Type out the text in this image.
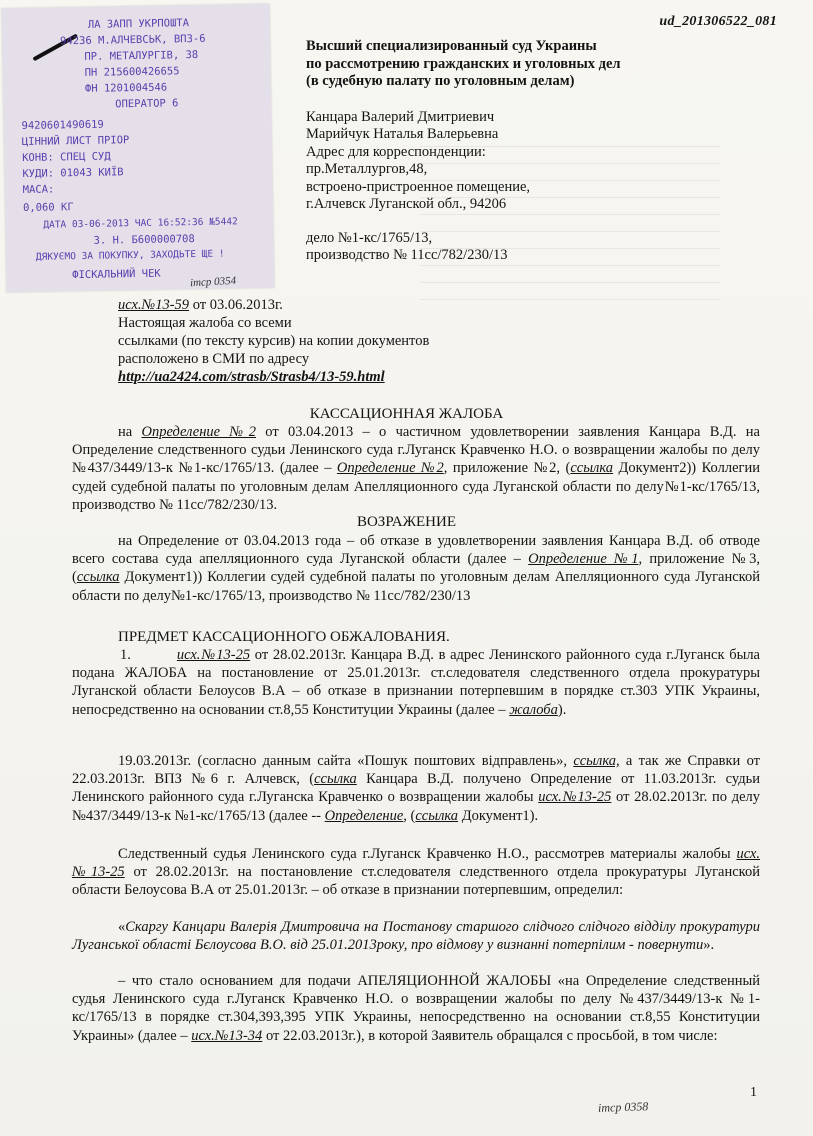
ud_201306522_081
ЛА ЗАПП УКРПОШТА
94236 М.АЛЧЕВСЬК, ВПЗ-6
ПР. МЕТАЛУРГІВ, 38
ПН 215600426655
ФН 1201004546
ОПЕРАТОР 6
9420601490619
ЦІННИЙ ЛИСТ ПРІОР
КОНВ: СПЕЦ СУД
КУДИ: 01043 КИЇВ
МАСА:
0,060 КГ
ДАТА 03-06-2013 ЧАС 16:52:36 №5442
З. Н. Б600000708
ДЯКУЄМО ЗА ПОКУПКУ, ЗАХОДЬТЕ ЩЕ !
ФІСКАЛЬНИЙ ЧЕК
imcp 0354
Высший специализированный суд Украины
по рассмотрению гражданских и уголовных дел
(в судебную палату по уголовным делам)
Канцара Валерий Дмитриевич
Марийчук Наталья Валерьевна
Адрес для корреспонденции:
пр.Металлургов,48,
встроено-пристроенное помещение,
г.Алчевск Луганской обл., 94206
дело №1-кс/1765/13,
производство № 11сс/782/230/13
исх.№13-59 от 03.06.2013г.
Настоящая жалоба со всеми
ссылками (по тексту курсив) на копии документов
расположено в СМИ по адресу
http://ua2424.com/strasb/Strasb4/13-59.html
КАССАЦИОННАЯ ЖАЛОБА
на Определение №2 от 03.04.2013 – о частичном удовлетворении заявления Канцара В.Д. на Определение следственного судьи Ленинского суда г.Луганск Кравченко Н.О. о возвращении жалобы по делу №437/3449/13-к №1-кс/1765/13. (далее – Определение №2, приложение №2, (ссылка Документ2)) Коллегии судей судебной палаты по уголовным делам Апелляционного суда Луганской области по делу№1-кс/1765/13, производство № 11сс/782/230/13.
ВОЗРАЖЕНИЕ
на Определение от 03.04.2013 года – об отказе в удовлетворении заявления Канцара В.Д. об отводе всего состава суда апелляционного суда Луганской области (далее – Определение №1, приложение №3, (ссылка Документ1)) Коллегии судей судебной палаты по уголовным делам Апелляционного суда Луганской области по делу№1-кс/1765/13, производство № 11сс/782/230/13
ПРЕДМЕТ КАССАЦИОННОГО ОБЖАЛОВАНИЯ.
1.	исх.№13-25 от 28.02.2013г. Канцара В.Д. в адрес Ленинского районного суда г.Луганск была подана ЖАЛОБА на постановление от 25.01.2013г. ст.следователя следственного отдела прокуратуры Луганской области Белоусов В.А – об отказе в признании потерпевшим в порядке ст.303 УПК Украины, непосредственно на основании ст.8,55 Конституции Украины (далее – жалоба).
19.03.2013г. (согласно данным сайта «Пошук поштових відправлень», ссылка, а так же Справки от 22.03.2013г. ВПЗ №6 г. Алчевск, (ссылка Канцара В.Д. получено Определение от 11.03.2013г. судьи Ленинского районного суда г.Луганска Кравченко о возвращении жалобы исх.№13-25 от 28.02.2013г. по делу №437/3449/13-к №1-кс/1765/13 (далее -- Определение, (ссылка Документ1).
Следственный судья Ленинского суда г.Луганск Кравченко Н.О., рассмотрев материалы жалобы исх.№13-25 от 28.02.2013г. на постановление ст.следователя следственного отдела прокуратуры Луганской области Белоусова В.А от 25.01.2013г. – об отказе в признании потерпевшим, определил:
«Скаргу Канцари Валерія Дмитровича на Постанову старшого слідчого слідчого відділу прокуратури Луганської області Бєлоусова В.О. від 25.01.2013року, про відмову у визнанні потерпілим - повернути».
– что стало основанием для подачи АПЕЛЯЦИОННОЙ ЖАЛОБЫ «на Определение следственный судья Ленинского суда г.Луганск Кравченко Н.О. о возвращении жалобы по делу №437/3449/13-к №1-кс/1765/13 в порядке ст.304,393,395 УПК Украины, непосредственно на основании ст.8,55 Конституции Украины» (далее – исх.№13-34 от 22.03.2013г.), в которой Заявитель обращался с просьбой, в том числе:
1
imcp 0358
